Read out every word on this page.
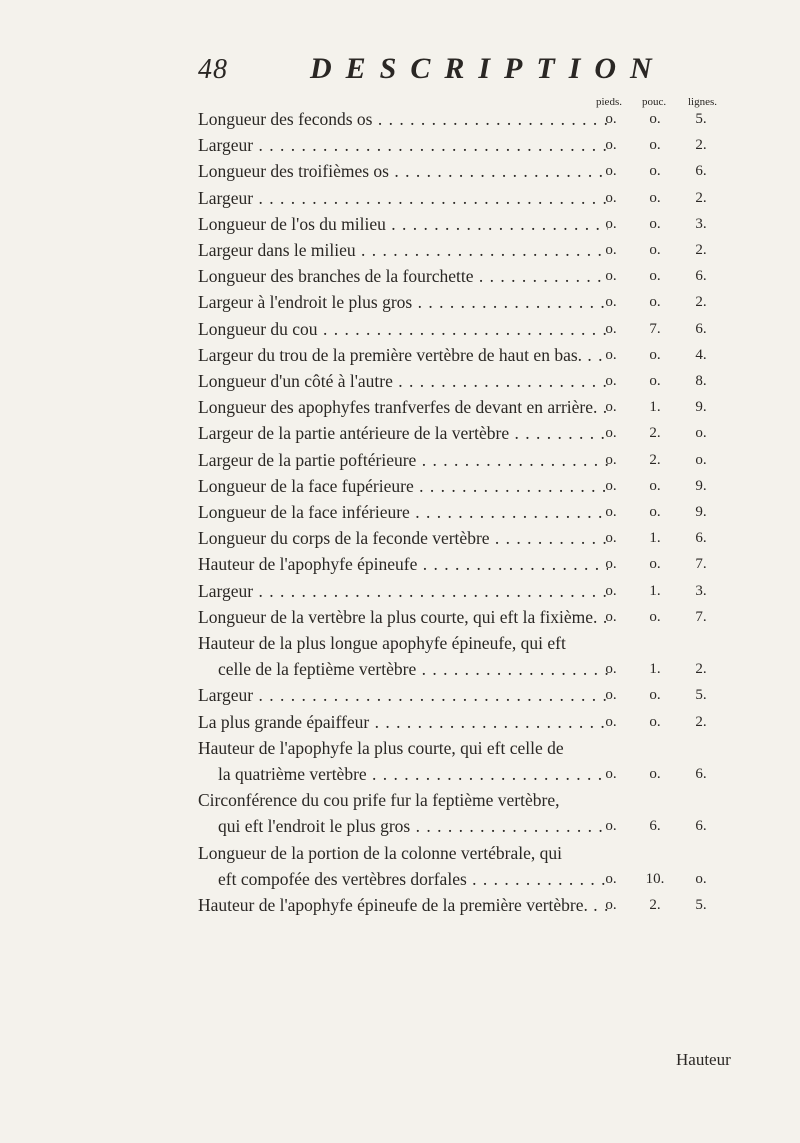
48	DESCRIPTION
pieds. pouc. lignes.
Longueur des feconds os . . .	o.	o.	5.
Largeur . . .	o.	o.	2.
Longueur des troifièmes os . . .	o.	o.	6.
Largeur . . .	o.	o.	2.
Longueur de l'os du milieu . . .	o.	o.	3.
Largeur dans le milieu . . .	o.	o.	2.
Longueur des branches de la fourchette . . .	o.	o.	6.
Largeur à l'endroit le plus gros . . .	o.	o.	2.
Longueur du cou . . .	o.	7.	6.
Largeur du trou de la première vertèbre de haut en bas. . . .	o.	o.	4.
Longueur d'un côté à l'autre . . .	o.	o.	8.
Longueur des apophyfes tranfverfes de devant en arrière. . . . o.	1.	9.
Largeur de la partie antérieure de la vertèbre . . .	o.	2.	o.
Largeur de la partie poftérieure . . .	o.	2.	o.
Longueur de la face fupérieure . . .	o.	o.	9.
Longueur de la face inférieure . . .	o.	o.	9.
Longueur du corps de la feconde vertèbre . . .	o.	1.	6.
Hauteur de l'apophyfe épineufe . . .	o.	o.	7.
Largeur . . .	o.	1.	3.
Longueur de la vertèbre la plus courte, qui eft la fixième. . . . o.	o.	7.
Hauteur de la plus longue apophyfe épineufe, qui eft
celle de la feptième vertèbre . . .	o.	1.	2.
Largeur . . .	o.	o.	5.
La plus grande épaiffeur . . .	o.	o.	2.
Hauteur de l'apophyfe la plus courte, qui eft celle de
la quatrième vertèbre . . .	o.	o.	6.
Circonférence du cou prife fur la feptième vertèbre,
qui eft l'endroit le plus gros . . .	o.	6.	6.
Longueur de la portion de la colonne vertébrale, qui
eft compofée des vertèbres dorfales . . .	o.	10.	o.
Hauteur de l'apophyfe épineufe de la première vertèbre. . . .	o.	2.	5.
Hauteur
